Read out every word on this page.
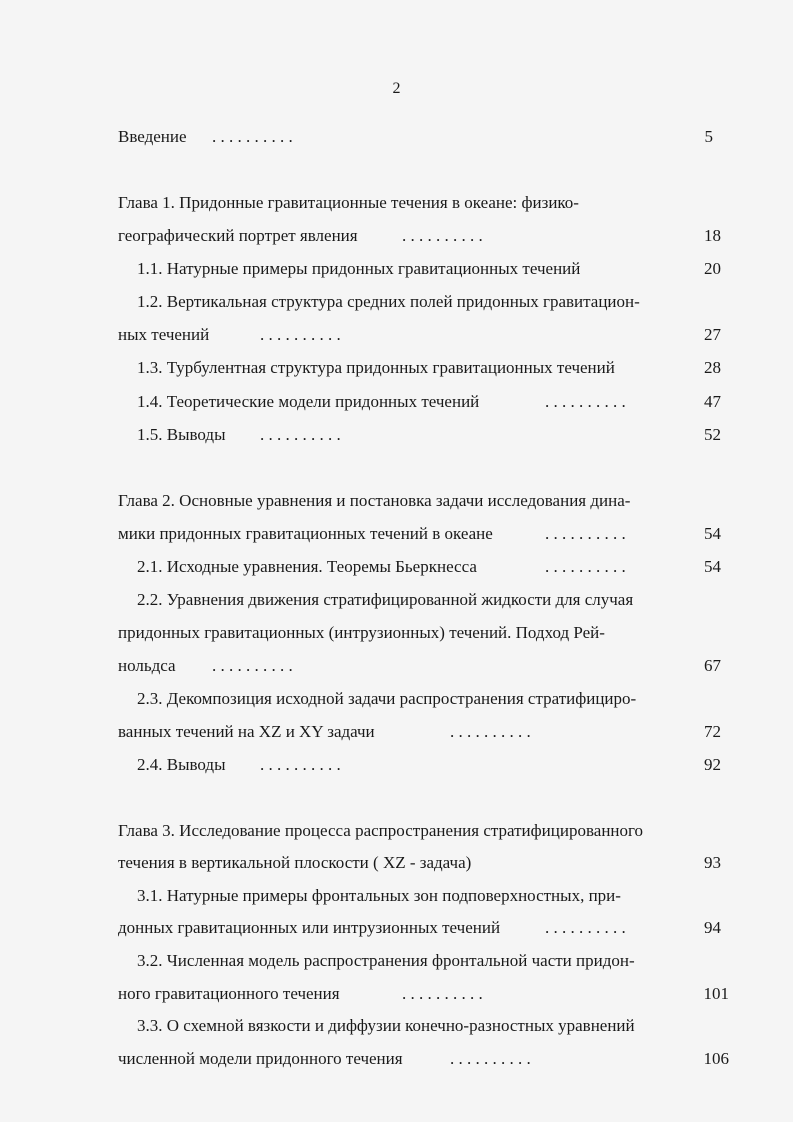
2
Введение . . . . . . . . . .	5
Глава 1. Придонные гравитационные течения в океане: физико-
географический портрет явления	. . . . . . . . . .	18
1.1. Натурные примеры придонных гравитационных течений	20
1.2. Вертикальная структура средних полей придонных гравитацион-
ных течений	. . . . . . . . . .	27
1.3. Турбулентная структура придонных гравитационных течений	28
1.4. Теоретические модели придонных течений	. . . . . . . . . .	47
1.5. Выводы . . . . . . . . . .	52
Глава 2. Основные уравнения и постановка задачи исследования дина-
мики придонных гравитационных течений в океане	. . . . . . . . . .	54
2.1. Исходные уравнения. Теоремы Бьеркнесса	. . . . . . . . . .	54
2.2. Уравнения движения стратифицированной жидкости для случая
придонных гравитационных (интрузионных) течений. Подход Рей-
нольдса . . . . . . . . . .	67
2.3. Декомпозиция исходной задачи распространения стратифициро-
ванных течений на XZ и XY задачи	. . . . . . . . . .	72
2.4. Выводы . . . . . . . . . .	92
Глава 3. Исследование процесса распространения стратифицированного
течения в вертикальной плоскости ( XZ - задача)	93
3.1. Натурные примеры фронтальных зон подповерхностных, при-
донных гравитационных или интрузионных течений	. . . . . . . . . .	94
3.2. Численная модель распространения фронтальной части придон-
ного гравитационного течения	. . . . . . . . . .	101
3.3. О схемной вязкости и диффузии конечно-разностных уравнений
численной модели придонного течения	. . . . . . . . . .	106
